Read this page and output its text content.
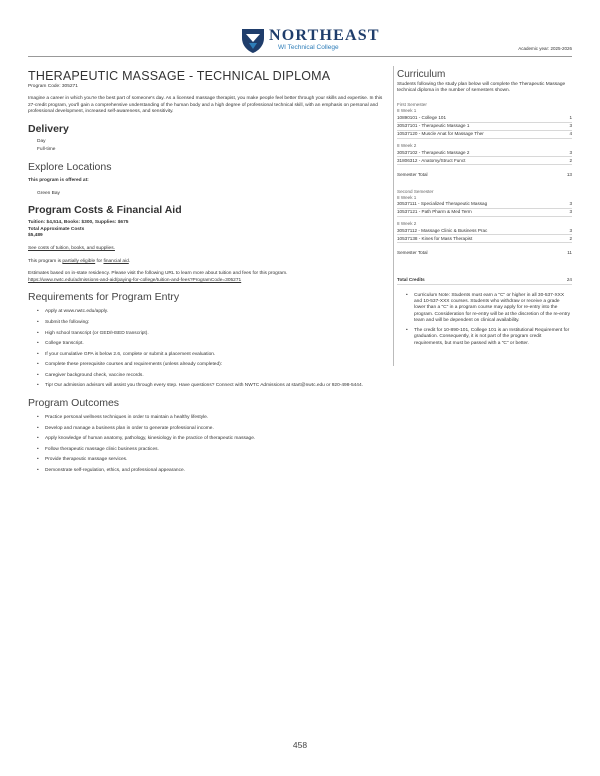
NORTHEAST
WI Technical College	Academic year: 2025-2026
THERAPEUTIC MASSAGE - TECHNICAL DIPLOMA
Program Code: 305271
Imagine a career in which you're the best part of someone's day. As a licensed massage therapist, you make people feel better through your skills and expertise. In this 27-credit program, you'll gain a comprehensive understanding of the human body and a high degree of professional technical skill, with an emphasis on personal and professional development, increased self-awareness, and sensitivity.
Delivery
Day
Full-time
Explore Locations
This program is offered at:
Green Bay
Program Costs & Financial Aid
Tuition: $4,514, Books: $300, Supplies: $675
Total Approximate Costs
$5,489
See costs of tuition, books, and supplies.
This program is partially eligible for financial aid.
Estimates based on in-state residency. Please visit the following URL to learn more about tuition and fees for this program.
https://www.nwtc.edu/admissions-and-aid/paying-for-college/tuition-and-fees?ProgramCode=305271
Requirements for Program Entry
• Apply at www.nwtc.edu/apply.
• Submit the following:
• High school transcript (or GED/HSED transcript).
• College transcript.
• If your cumulative GPA is below 2.6, complete or submit a placement evaluation.
• Complete these prerequisite courses and requirements (unless already completed):
• Caregiver background check, vaccine records.
• Tip! Our admission advisors will assist you through every step. Have questions? Connect with NWTC Admissions at start@nwtc.edu or 920-498-5444.
Program Outcomes
• Practice personal wellness techniques in order to maintain a healthy lifestyle.
• Develop and manage a business plan in order to generate professional income.
• Apply knowledge of human anatomy, pathology, kinesiology in the practice of therapeutic massage.
• Follow therapeutic massage clinic business practices.
• Provide therapeutic massage services.
• Demonstrate self-regulation, ethics, and professional appearance.
Curriculum
Students following the study plan below will complete the Therapeutic Massage technical diploma in the number of semesters shown.
First Semester
8 Week 1
10890101 - College 101	1
30537101 - Therapeutic Massage 1	3
10537120 - Muscle Anat for Massage Ther	4
8 Week 2
30537102 - Therapeutic Massage 2	3
31806312 - Anatomy/Struct Funct	2
Semester Total	13
Second Semester
8 Week 1
30537111 - Specialized Therapeutic Massag	3
10537121 - Path Pharm & Med Term	3
8 Week 2
30537112 - Massage Clinic & Business Prac	3
10537138 - Kines for Mass Therapist	2
Semester Total	11
Total Credits	24
• Curriculum Note: Students must earn a "C" or higher in all 30-537-XXX and 10-537-XXX courses. Students who withdraw or receive a grade lower than a "C" in a program course may apply for re-entry into the program. Consideration for re-entry will be at the discretion of the re-entry team and will be dependent on clinical availability.
• The credit for 10-890-101, College 101 is an Institutional Requirement for graduation. Consequently, it is not part of the program credit requirements, but must be passed with a "C" or better.
458
